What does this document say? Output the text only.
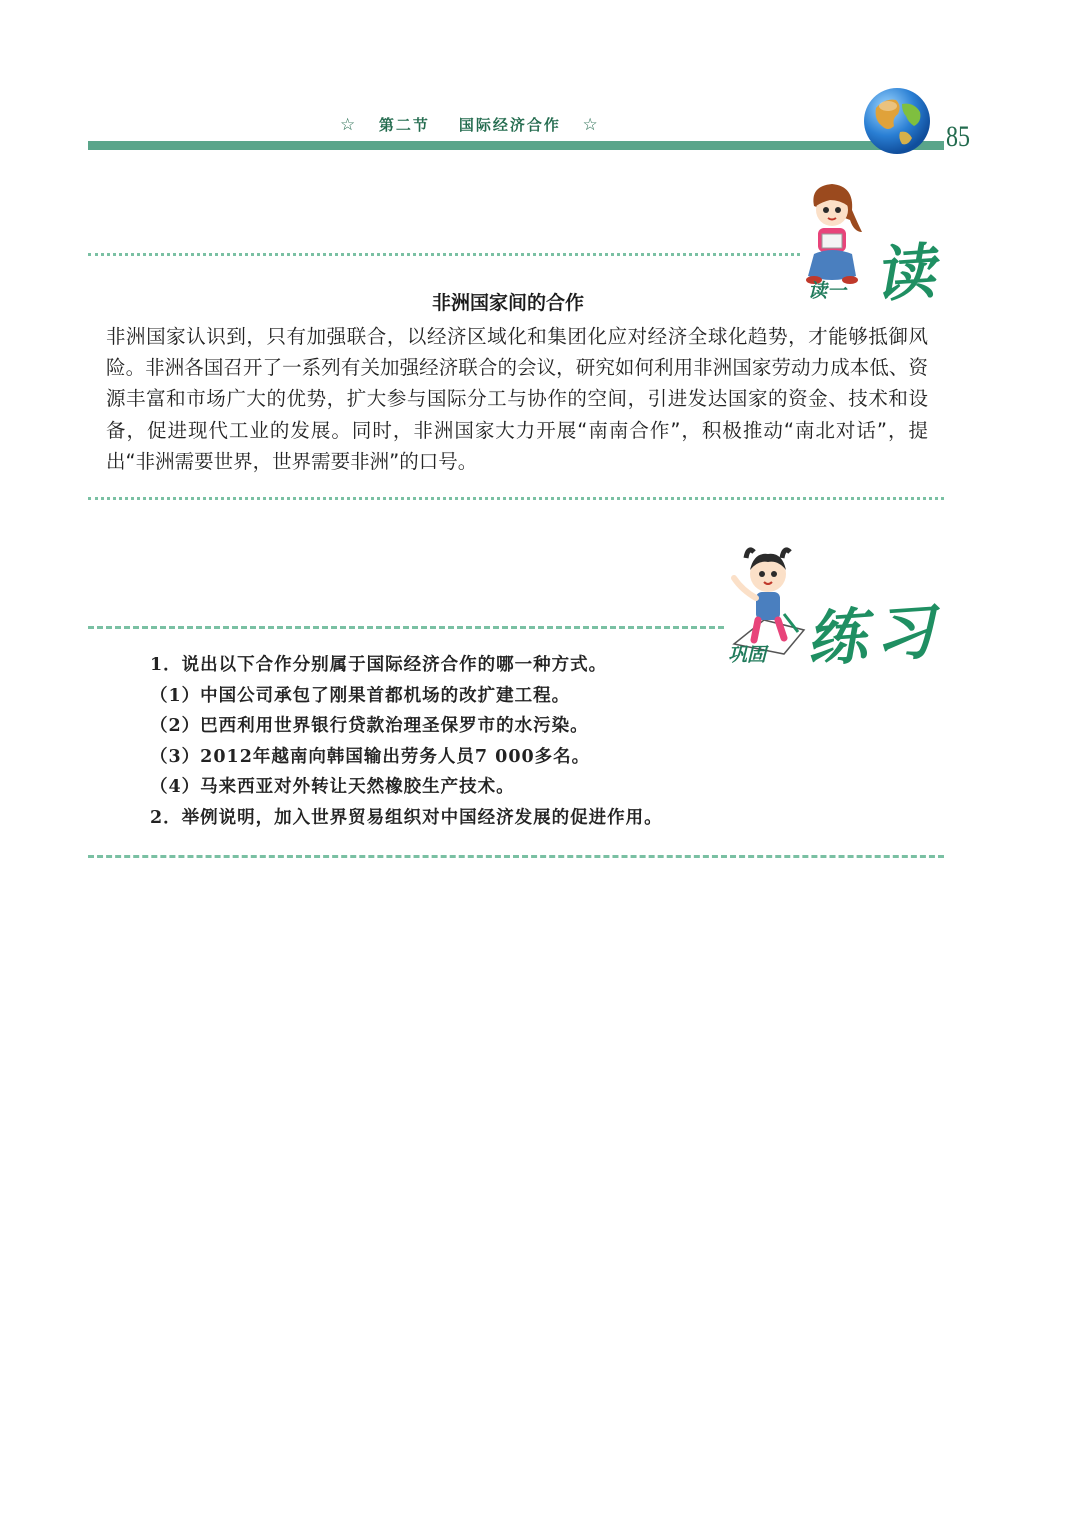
☆ 第二节 国际经济合作 ☆	85
读一 读
非洲国家间的合作
非洲国家认识到，只有加强联合，以经济区域化和集团化应对经济全球化趋势，才能够抵御风险。非洲各国召开了一系列有关加强经济联合的会议，研究如何利用非洲国家劳动力成本低、资源丰富和市场广大的优势，扩大参与国际分工与协作的空间，引进发达国家的资金、技术和设备，促进现代工业的发展。同时，非洲国家大力开展“南南合作”，积极推动“南北对话”，提出“非洲需要世界，世界需要非洲”的口号。
巩固 练习
1．说出以下合作分别属于国际经济合作的哪一种方式。
（1）中国公司承包了刚果首都机场的改扩建工程。
（2）巴西利用世界银行贷款治理圣保罗市的水污染。
（3）2012年越南向韩国输出劳务人员7 000多名。
（4）马来西亚对外转让天然橡胶生产技术。
2．举例说明，加入世界贸易组织对中国经济发展的促进作用。
